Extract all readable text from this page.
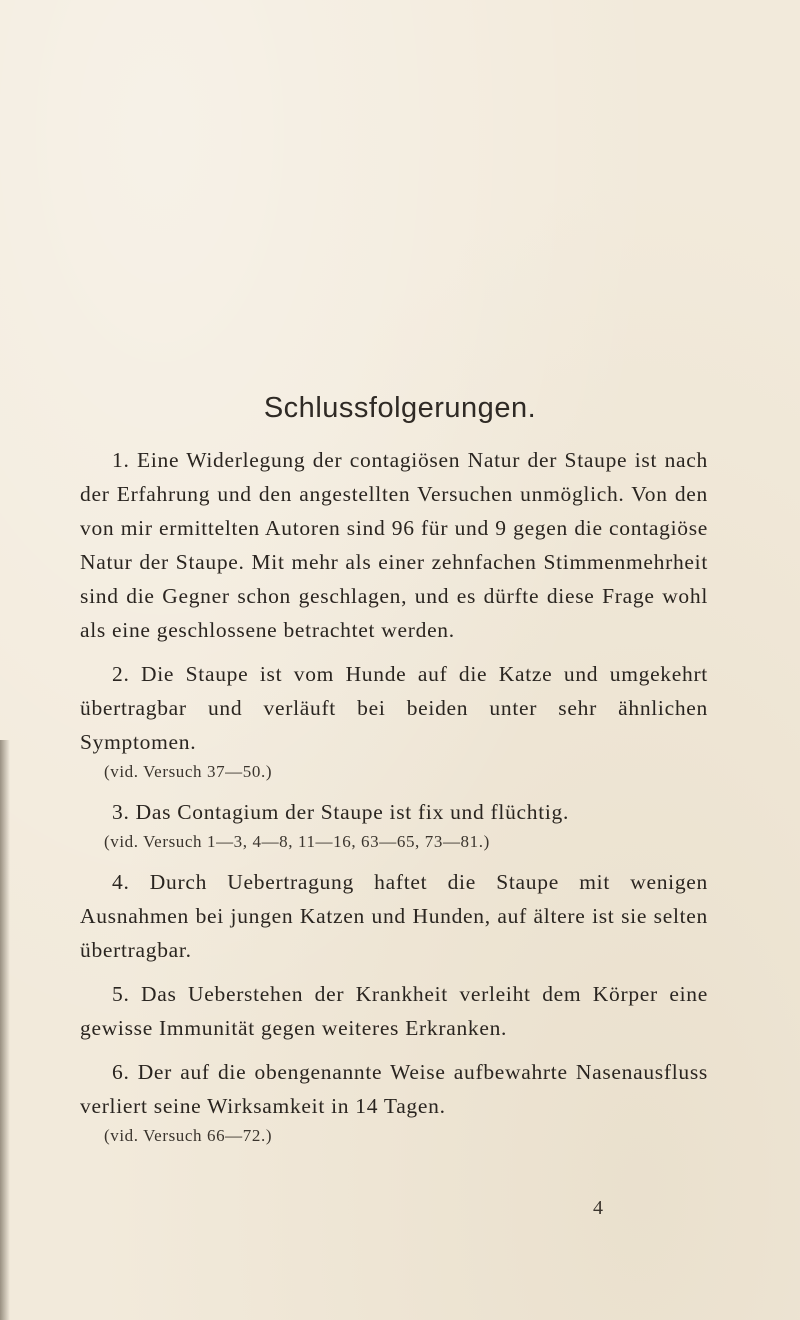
Schlussfolgerungen.

1. Eine Widerlegung der contagiösen Natur der Staupe ist nach der Erfahrung und den angestellten Versuchen unmöglich. Von den von mir ermittelten Autoren sind 96 für und 9 gegen die contagiöse Natur der Staupe. Mit mehr als einer zehnfachen Stimmenmehrheit sind die Gegner schon geschlagen, und es dürfte diese Frage wohl als eine geschlossene betrachtet werden.

2. Die Staupe ist vom Hunde auf die Katze und umgekehrt übertragbar und verläuft bei beiden unter sehr ähnlichen Symptomen.

(vid. Versuch 37—50.)

3. Das Contagium der Staupe ist fix und flüchtig.

(vid. Versuch 1—3, 4—8, 11—16, 63—65, 73—81.)

4. Durch Uebertragung haftet die Staupe mit wenigen Ausnahmen bei jungen Katzen und Hunden, auf ältere ist sie selten übertragbar.

5. Das Ueberstehen der Krankheit verleiht dem Körper eine gewisse Immunität gegen weiteres Erkranken.

6. Der auf die obengenannte Weise aufbewahrte Nasenausfluss verliert seine Wirksamkeit in 14 Tagen.

(vid. Versuch 66—72.)

4
